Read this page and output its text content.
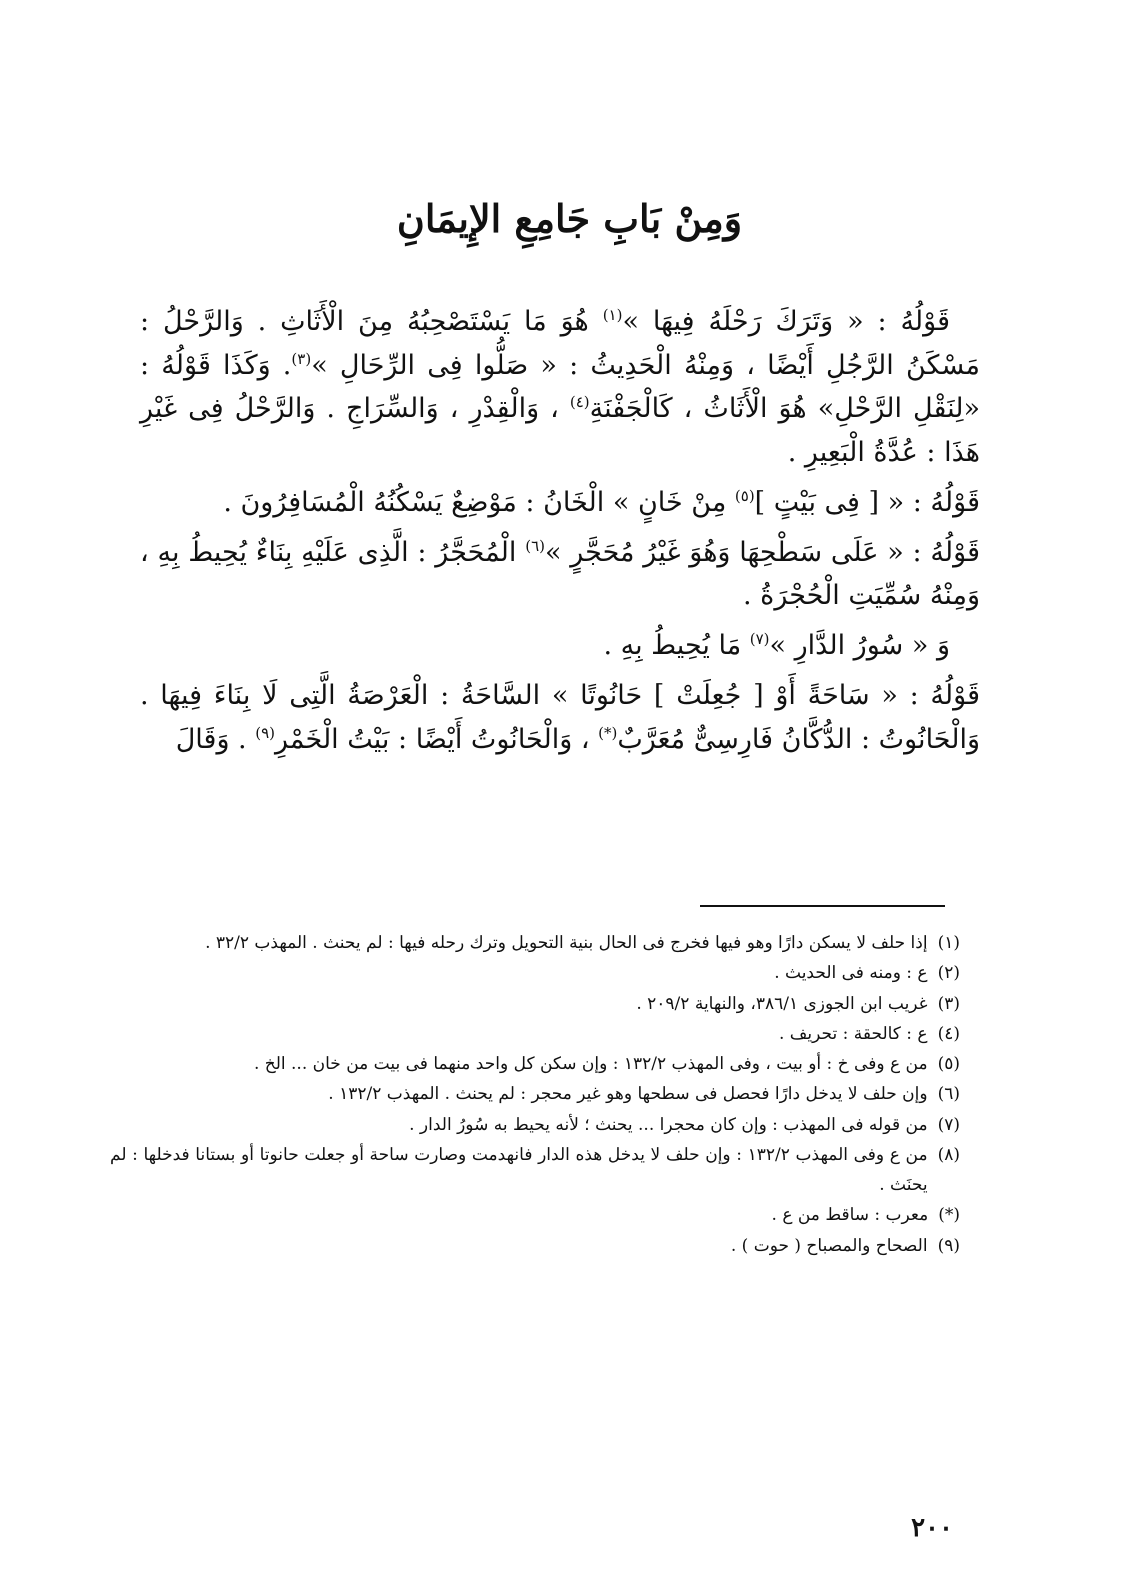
وَمِنْ بَابِ جَامِعِ الإِيمَانِ

قَوْلُهُ : « وَتَرَكَ رَحْلَهُ فِيهَا »$^{(١)}$ هُوَ مَا يَسْتَصْحِبُهُ مِنَ الْأَثَاثِ . وَالرَّحْلُ : مَسْكَنُ الرَّجُلِ أَيْضًا ، وَمِنْهُ الْحَدِيثُ : « صَلُّوا فِى الرِّحَالِ »$^{(٣)}$. وَكَذَا قَوْلُهُ : «لِنَقْلِ الرَّحْلِ» هُوَ الْأَثَاثُ ، كَالْجَفْنَةِ$^{(٤)}$ ، وَالْقِدْرِ ، وَالسِّرَاجِ . وَالرَّحْلُ فِى غَيْرِ هَذَا : عُدَّةُ الْبَعِيرِ .

قَوْلُهُ : « [ فِى بَيْتٍ ]$^{(٥)}$ مِنْ خَانٍ » الْخَانُ : مَوْضِعٌ يَسْكُنُهُ الْمُسَافِرُونَ .

قَوْلُهُ : « عَلَى سَطْحِهَا وَهُوَ غَيْرُ مُحَجَّرٍ »$^{(٦)}$ الْمُحَجَّرُ : الَّذِى عَلَيْهِ بِنَاءٌ يُحِيطُ بِهِ ، وَمِنْهُ سُمِّيَتِ الْحُجْرَةُ .

وَ « سُورُ الدَّارِ »$^{(٧)}$ مَا يُحِيطُ بِهِ .

قَوْلُهُ : « سَاحَةً أَوْ [ جُعِلَتْ ] حَانُوتًا » السَّاحَةُ : الْعَرْصَةُ الَّتِى لَا بِنَاءَ فِيهَا . وَالْحَانُوتُ : الدُّكَّانُ فَارِسِىٌّ مُعَرَّبٌ(*) ، وَالْحَانُوتُ أَيْضًا : بَيْتُ الْخَمْرِ$^{(٩)}$ . وَقَالَ

(١)
إذا حلف لا يسكن دارًا وهو فيها فخرج فى الحال بنية التحويل وترك رحله فيها : لم يحنث . المهذب ٣٢/٢ .
(٢)
ع : ومنه فى الحديث .
(٣)
غريب ابن الجوزى ٣٨٦/١، والنهاية ٢٠٩/٢ .
(٤)
ع : كالحقة : تحريف .
(٥)
من ع وفى خ : أو بيت ، وفى المهذب ١٣٢/٢ : وإن سكن كل واحد منهما فى بيت من خان ... الخ .
(٦)
وإن حلف لا يدخل دارًا فحصل فى سطحها وهو غير محجر : لم يحنث . المهذب ١٣٢/٢ .
(٧)
من قوله فى المهذب : وإن كان محجرا ... يحنث ؛ لأنه يحيط به سُورُ الدار .
(٨)
من ع وفى المهذب ١٣٢/٢ : وإن حلف لا يدخل هذه الدار فانهدمت وصارت ساحة أو جعلت حانوتا أو بستانا فدخلها : لم يحنَث .
(*)
معرب : ساقط من ع .
(٩)
الصحاح والمصباح ( حوت ) .
٢٠٠
